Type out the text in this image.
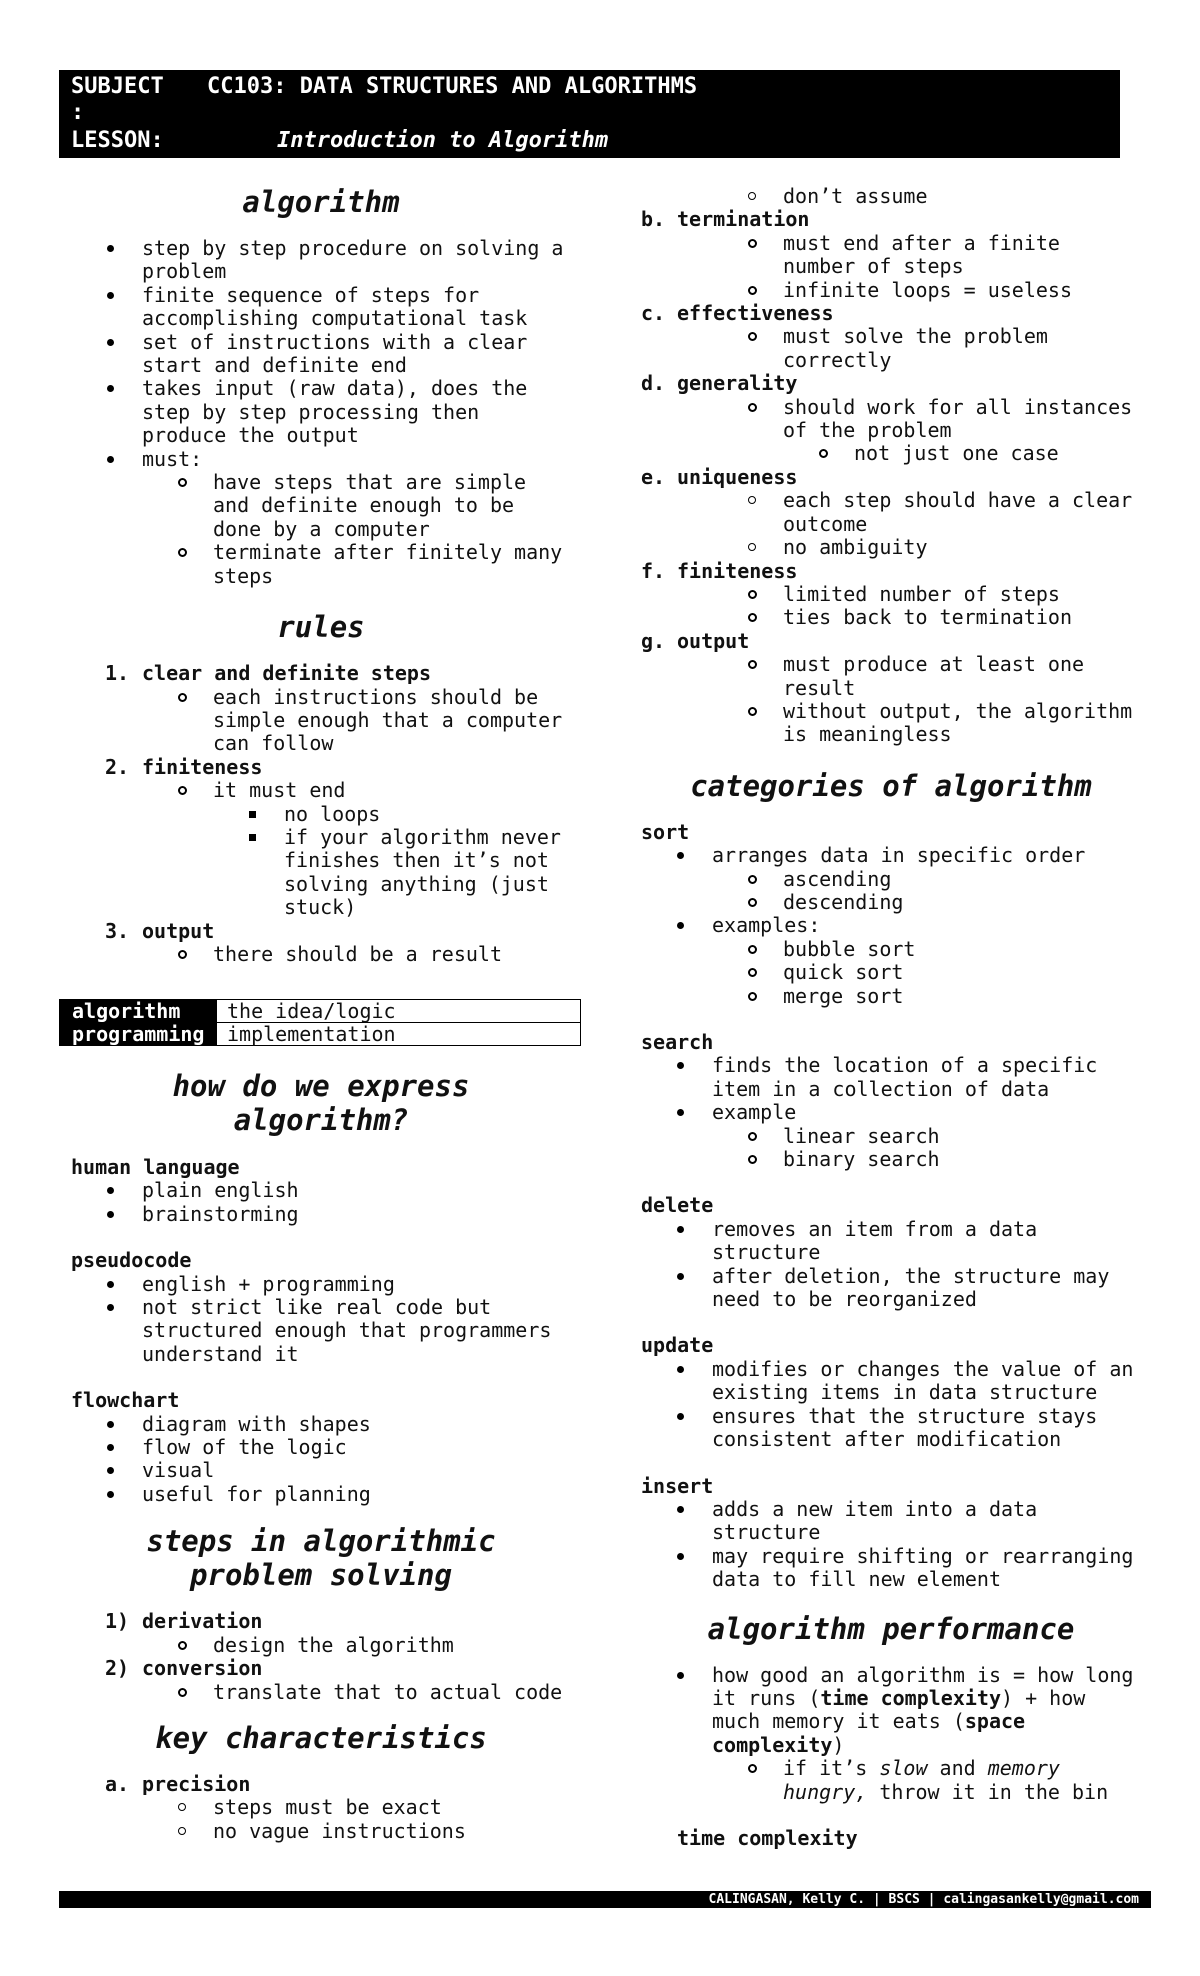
SUBJECT CC103: DATA STRUCTURES AND ALGORITHMS
:
LESSON:	Introduction to Algorithm
algorithm
step by step procedure on solving a problem
finite sequence of steps for accomplishing computational task
set of instructions with a clear start and definite end
takes input (raw data), does the step by step processing then produce the output
must:
have steps that are simple and definite enough to be done by a computer
terminate after finitely many steps
rules
1. clear and definite steps
each instructions should be simple enough that a computer can follow
2. finiteness
it must end
no loops
if your algorithm never finishes then it’s not solving anything (just stuck)
3. output
there should be a result
algorithm	the idea/logic
programming	implementation
how do we express
algorithm?
human language
plain english
brainstorming
pseudocode
english + programming
not strict like real code but structured enough that programmers understand it
flowchart
diagram with shapes
flow of the logic
visual
useful for planning
steps in algorithmic
problem solving
1) derivation
design the algorithm
2) conversion
translate that to actual code
key characteristics
a. precision
steps must be exact
no vague instructions
don’t assume
b. termination
must end after a finite number of steps
infinite loops = useless
c. effectiveness
must solve the problem correctly
d. generality
should work for all instances of the problem
not just one case
e. uniqueness
each step should have a clear outcome
no ambiguity
f. finiteness
limited number of steps
ties back to termination
g. output
must produce at least one result
without output, the algorithm is meaningless
categories of algorithm
sort
arranges data in specific order
ascending
descending
examples:
bubble sort
quick sort
merge sort
search
finds the location of a specific item in a collection of data
example
linear search
binary search
delete
removes an item from a data structure
after deletion, the structure may need to be reorganized
update
modifies or changes the value of an existing items in data structure
ensures that the structure stays consistent after modification
insert
adds a new item into a data structure
may require shifting or rearranging data to fill new element
algorithm performance
how good an algorithm is = how long it runs (time complexity) + how much memory it eats (space complexity)
if it’s slow and memory hungry, throw it in the bin
time complexity
CALINGASAN, Kelly C. | BSCS | calingasankelly@gmail.com
